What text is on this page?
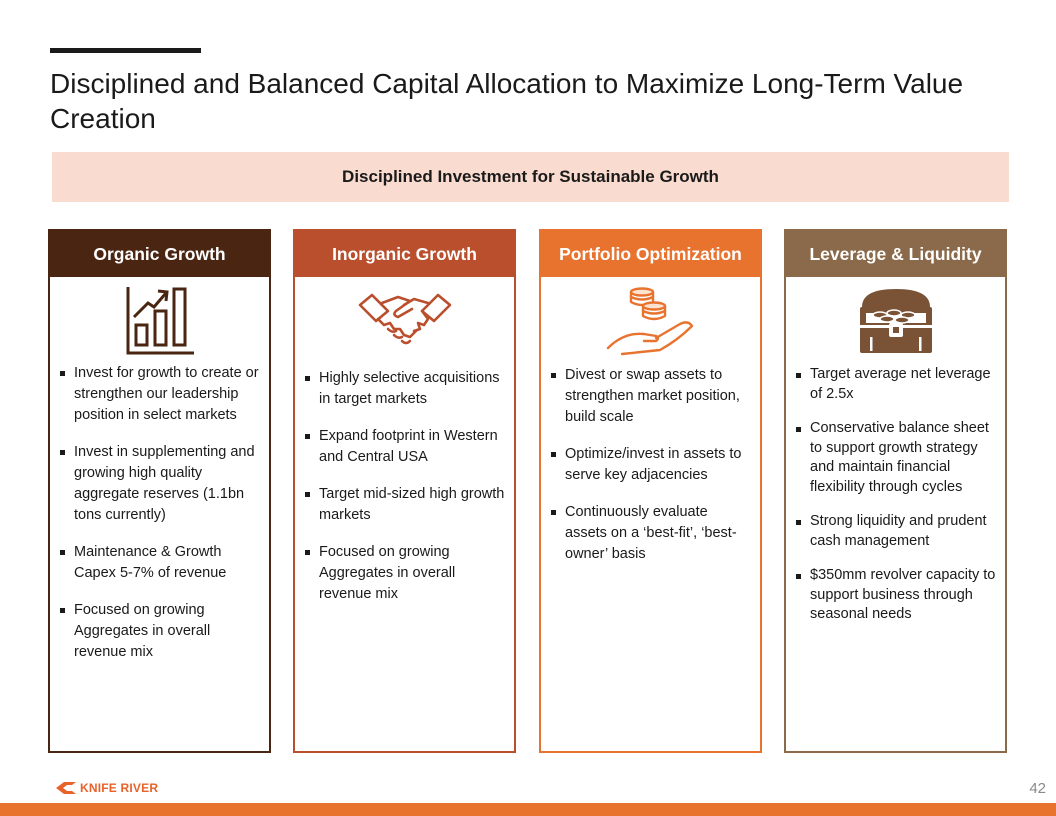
Disciplined and Balanced Capital Allocation to Maximize Long-Term Value Creation
Disciplined Investment for Sustainable Growth
Organic Growth
Invest for growth to create or strengthen our leadership position in select markets
Invest in supplementing and growing high quality aggregate reserves (1.1bn tons currently)
Maintenance & Growth Capex 5-7% of revenue
Focused on growing Aggregates in overall revenue mix
Inorganic Growth
Highly selective acquisitions in target markets
Expand footprint in Western and Central USA
Target mid-sized high growth markets
Focused on growing Aggregates in overall revenue mix
Portfolio Optimization
Divest or swap assets to strengthen market position, build scale
Optimize/invest in assets to serve key adjacencies
Continuously evaluate assets on a ‘best-fit’, ‘best-owner’ basis
Leverage & Liquidity
Target average net leverage of 2.5x
Conservative balance sheet to support growth strategy and maintain financial flexibility through cycles
Strong liquidity and prudent cash management
$350mm revolver capacity to support business through seasonal needs
KNIFE RIVER	42
